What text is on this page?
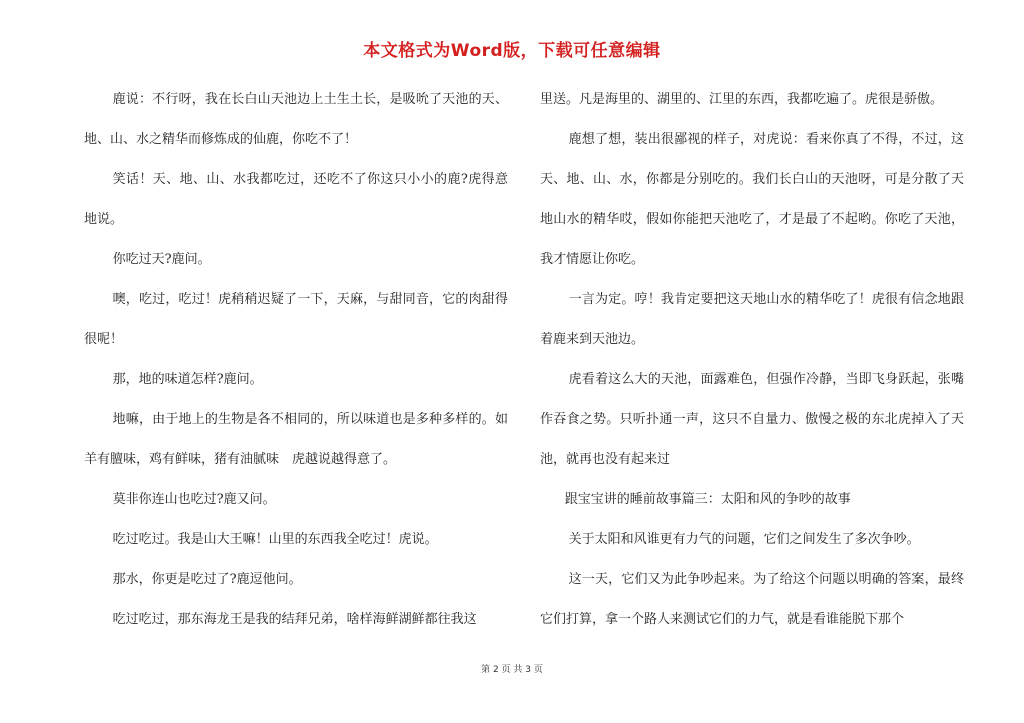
本文格式为Word版，下载可任意编辑

鹿说：不行呀，我在长白山天池边上土生土长，是吸吮了天池的天、地、山、水之精华而修炼成的仙鹿，你吃不了！

笑话！天、地、山、水我都吃过，还吃不了你这只小小的鹿?虎得意地说。

你吃过天?鹿问。

噢，吃过，吃过！虎稍稍迟疑了一下，天麻，与甜同音，它的肉甜得很呢！

那，地的味道怎样?鹿问。

地嘛，由于地上的生物是各不相同的，所以味道也是多种多样的。如羊有膻味，鸡有鲜味，猪有油腻味　虎越说越得意了。

莫非你连山也吃过?鹿又问。

吃过吃过。我是山大王嘛！山里的东西我全吃过！虎说。

那水，你更是吃过了?鹿逗他问。

吃过吃过，那东海龙王是我的结拜兄弟，啥样海鲜湖鲜都往我这

里送。凡是海里的、湖里的、江里的东西，我都吃遍了。虎很是骄傲。

鹿想了想，装出很鄙视的样子，对虎说：看来你真了不得，不过，这天、地、山、水，你都是分别吃的。我们长白山的天池呀，可是分散了天地山水的精华哎，假如你能把天池吃了，才是最了不起哟。你吃了天池，我才情愿让你吃。

一言为定。哼！我肯定要把这天地山水的精华吃了！虎很有信念地跟着鹿来到天池边。

虎看着这么大的天池，面露难色，但强作冷静，当即飞身跃起，张嘴作吞食之势。只听扑通一声，这只不自量力、傲慢之极的东北虎掉入了天池，就再也没有起来过

跟宝宝讲的睡前故事篇三：太阳和风的争吵的故事

关于太阳和风谁更有力气的问题，它们之间发生了多次争吵。

这一天，它们又为此争吵起来。为了给这个问题以明确的答案，最终它们打算，拿一个路人来测试它们的力气，就是看谁能脱下那个

第 2 页 共 3 页
